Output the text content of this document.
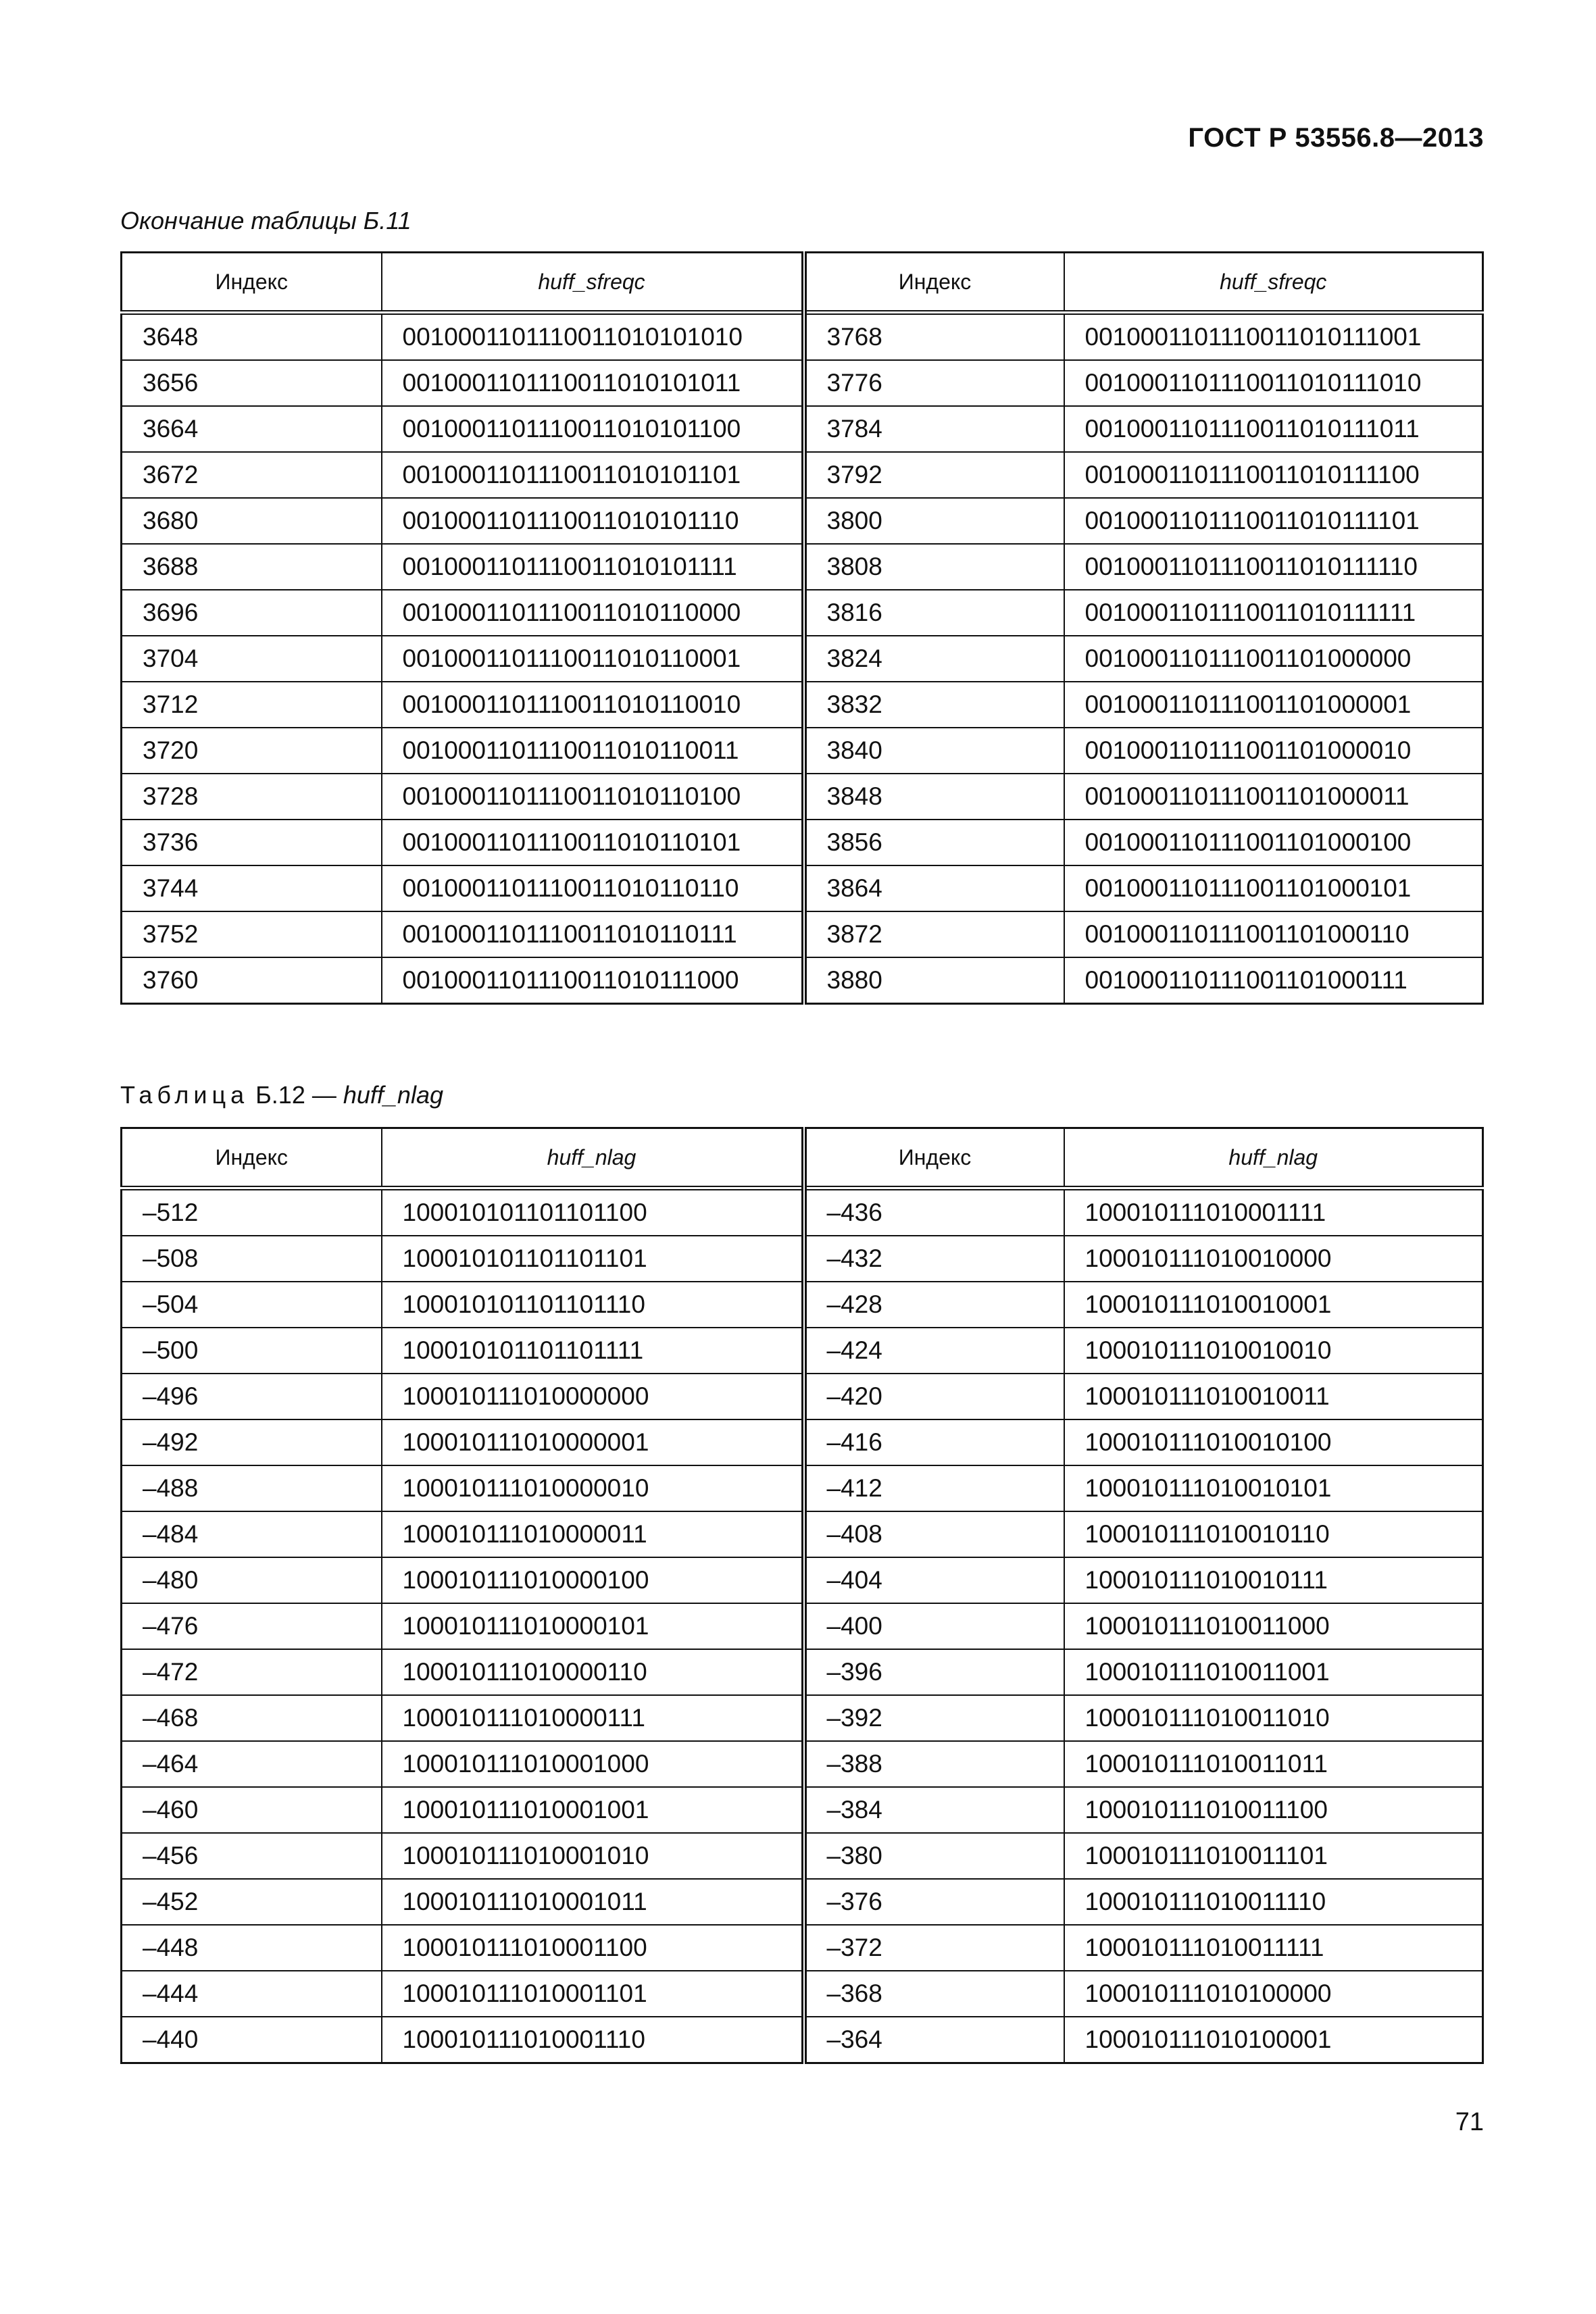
ГОСТ Р 53556.8—2013
Окончание таблицы Б.11
Индекс	huff_sfreqc	Индекс	huff_sfreqc
3648	0010001101110011010101010	3768	0010001101110011010111001
3656	0010001101110011010101011	3776	0010001101110011010111010
3664	0010001101110011010101100	3784	0010001101110011010111011
3672	0010001101110011010101101	3792	0010001101110011010111100
3680	0010001101110011010101110	3800	0010001101110011010111101
3688	0010001101110011010101111	3808	0010001101110011010111110
3696	0010001101110011010110000	3816	0010001101110011010111111
3704	0010001101110011010110001	3824	001000110111001101000000
3712	0010001101110011010110010	3832	001000110111001101000001
3720	0010001101110011010110011	3840	001000110111001101000010
3728	0010001101110011010110100	3848	001000110111001101000011
3736	0010001101110011010110101	3856	001000110111001101000100
3744	0010001101110011010110110	3864	001000110111001101000101
3752	0010001101110011010110111	3872	001000110111001101000110
3760	0010001101110011010111000	3880	001000110111001101000111
Таблица Б.12 — huff_nlag
Индекс	huff_nlag	Индекс	huff_nlag
–512	100010101101101100	–436	100010111010001111
–508	100010101101101101	–432	100010111010010000
–504	100010101101101110	–428	100010111010010001
–500	100010101101101111	–424	100010111010010010
–496	100010111010000000	–420	100010111010010011
–492	100010111010000001	–416	100010111010010100
–488	100010111010000010	–412	100010111010010101
–484	100010111010000011	–408	100010111010010110
–480	100010111010000100	–404	100010111010010111
–476	100010111010000101	–400	100010111010011000
–472	100010111010000110	–396	100010111010011001
–468	100010111010000111	–392	100010111010011010
–464	100010111010001000	–388	100010111010011011
–460	100010111010001001	–384	100010111010011100
–456	100010111010001010	–380	100010111010011101
–452	100010111010001011	–376	100010111010011110
–448	100010111010001100	–372	100010111010011111
–444	100010111010001101	–368	100010111010100000
–440	100010111010001110	–364	100010111010100001
71
